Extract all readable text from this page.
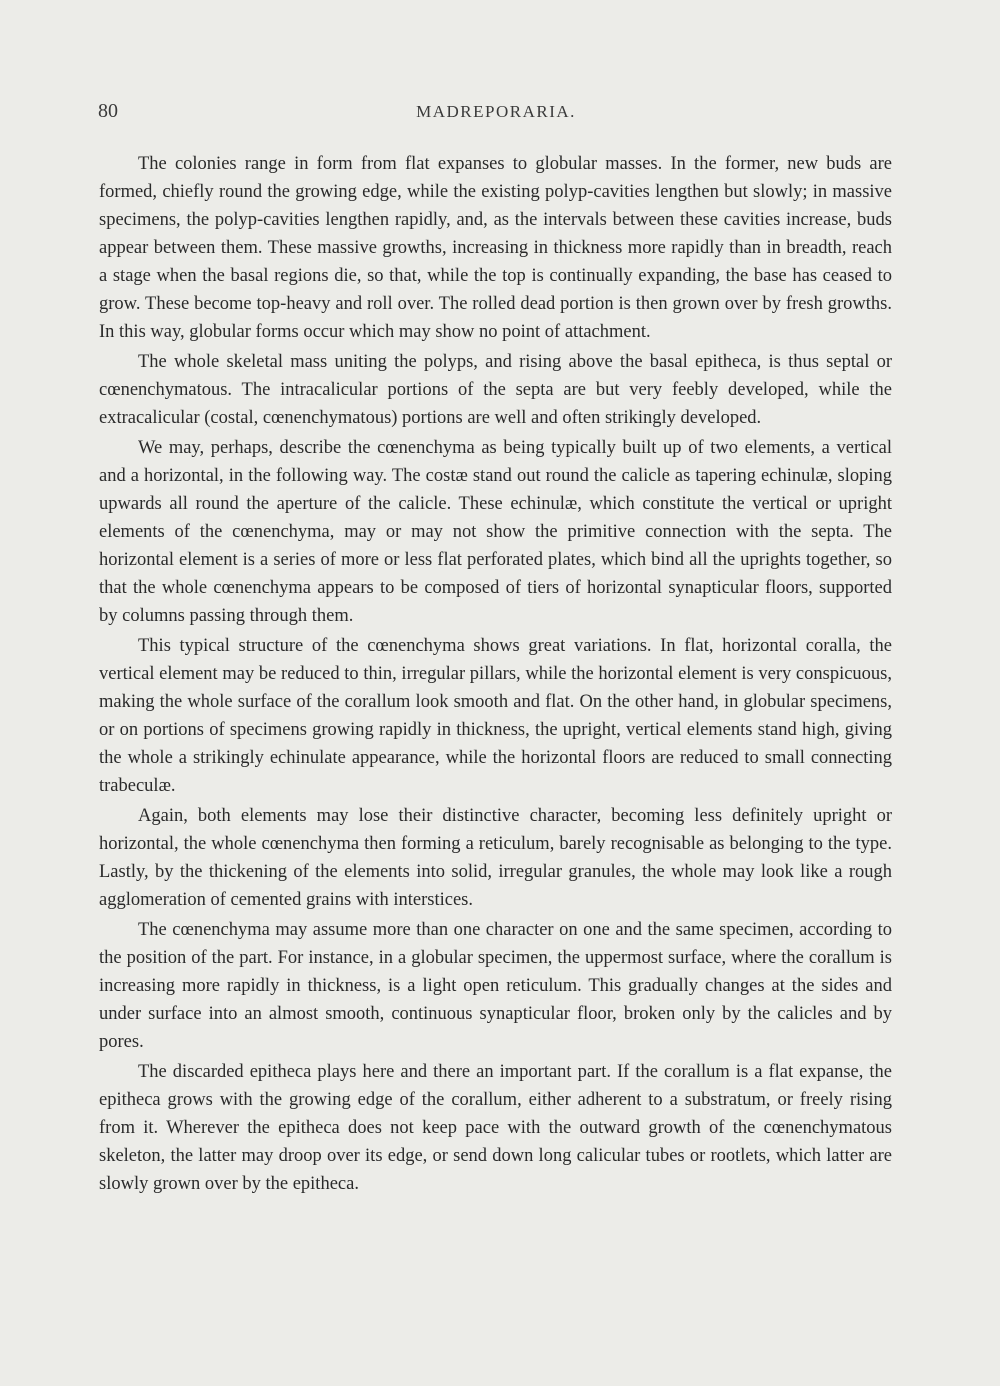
80	MADREPORARIA.

The colonies range in form from flat expanses to globular masses. In the former, new buds are formed, chiefly round the growing edge, while the existing polyp-cavities lengthen but slowly; in massive specimens, the polyp-cavities lengthen rapidly, and, as the intervals between these cavities increase, buds appear between them. These massive growths, increasing in thickness more rapidly than in breadth, reach a stage when the basal regions die, so that, while the top is continually expanding, the base has ceased to grow. These become top-heavy and roll over. The rolled dead portion is then grown over by fresh growths. In this way, globular forms occur which may show no point of attachment.

The whole skeletal mass uniting the polyps, and rising above the basal epitheca, is thus septal or cœnenchymatous. The intracalicular portions of the septa are but very feebly developed, while the extracalicular (costal, cœnenchymatous) portions are well and often strikingly developed.

We may, perhaps, describe the cœnenchyma as being typically built up of two elements, a vertical and a horizontal, in the following way. The costæ stand out round the calicle as tapering echinulæ, sloping upwards all round the aperture of the calicle. These echinulæ, which constitute the vertical or upright elements of the cœnenchyma, may or may not show the primitive connection with the septa. The horizontal element is a series of more or less flat perforated plates, which bind all the uprights together, so that the whole cœnenchyma appears to be composed of tiers of horizontal synapticular floors, supported by columns passing through them.

This typical structure of the cœnenchyma shows great variations. In flat, horizontal coralla, the vertical element may be reduced to thin, irregular pillars, while the horizontal element is very conspicuous, making the whole surface of the corallum look smooth and flat. On the other hand, in globular specimens, or on portions of specimens growing rapidly in thickness, the upright, vertical elements stand high, giving the whole a strikingly echinulate appearance, while the horizontal floors are reduced to small connecting trabeculæ.

Again, both elements may lose their distinctive character, becoming less definitely upright or horizontal, the whole cœnenchyma then forming a reticulum, barely recognisable as belonging to the type. Lastly, by the thickening of the elements into solid, irregular granules, the whole may look like a rough agglomeration of cemented grains with interstices.

The cœnenchyma may assume more than one character on one and the same specimen, according to the position of the part. For instance, in a globular specimen, the uppermost surface, where the corallum is increasing more rapidly in thickness, is a light open reticulum. This gradually changes at the sides and under surface into an almost smooth, continuous synapticular floor, broken only by the calicles and by pores.

The discarded epitheca plays here and there an important part. If the corallum is a flat expanse, the epitheca grows with the growing edge of the corallum, either adherent to a substratum, or freely rising from it. Wherever the epitheca does not keep pace with the outward growth of the cœnenchymatous skeleton, the latter may droop over its edge, or send down long calicular tubes or rootlets, which latter are slowly grown over by the epitheca.
